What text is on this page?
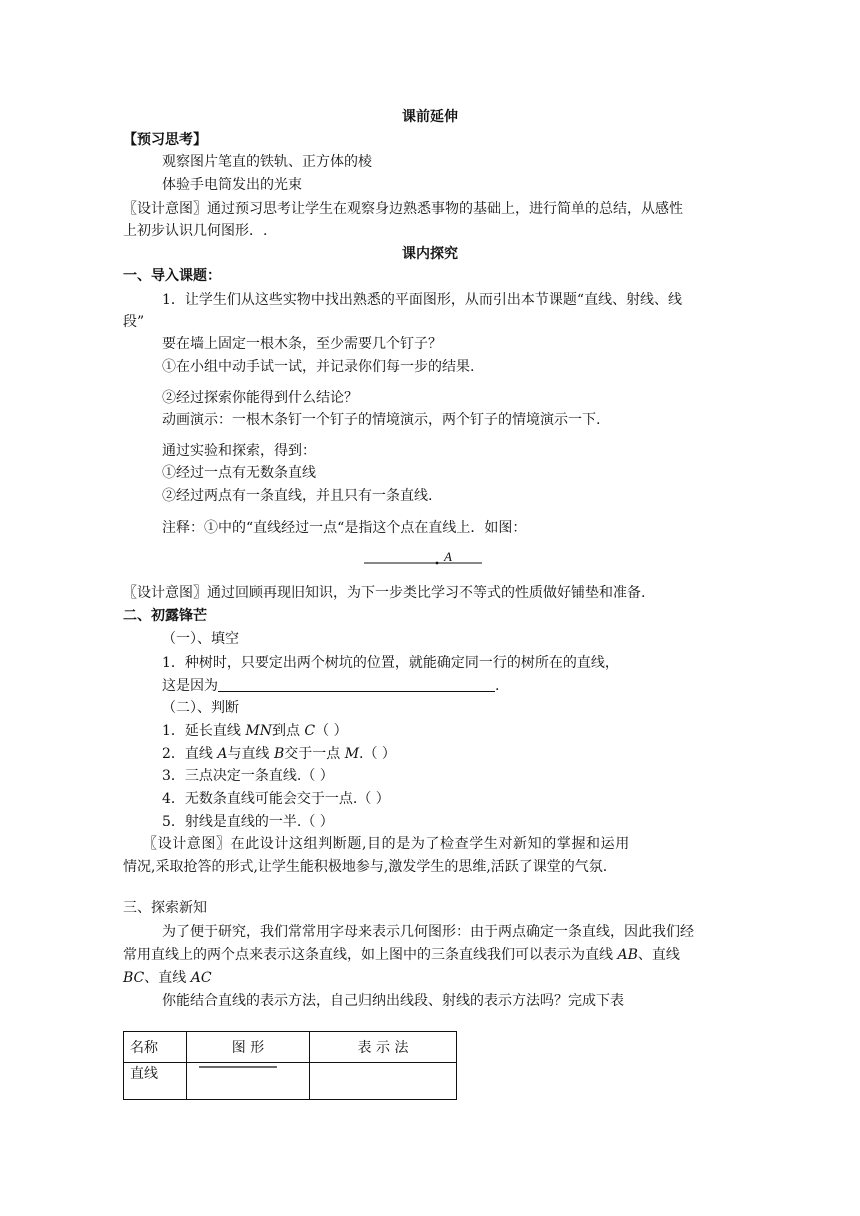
课前延伸
【预习思考】
观察图片笔直的铁轨、正方体的棱
体验手电筒发出的光束
〖设计意图〗通过预习思考让学生在观察身边熟悉事物的基础上，进行简单的总结，从感性
上初步认识几何图形．.
课内探究
一、导入课题：
1．让学生们从这些实物中找出熟悉的平面图形，从而引出本节课题“直线、射线、线
段”
要在墙上固定一根木条，至少需要几个钉子？
①在小组中动手试一试，并记录你们每一步的结果.
②经过探索你能得到什么结论？
动画演示：一根木条钉一个钉子的情境演示，两个钉子的情境演示一下.
通过实验和探索，得到：
①经过一点有无数条直线
②经过两点有一条直线，并且只有一条直线.
注释：①中的“直线经过一点“是指这个点在直线上．如图：
A
〖设计意图〗通过回顾再现旧知识，为下一步类比学习不等式的性质做好铺垫和准备.
二、初露锋芒
（一）、填空
1．种树时，只要定出两个树坑的位置，就能确定同一行的树所在的直线，
这是因为	.
（二）、判断
1．延长直线 MN到点 C（ ）
2．直线 A与直线 B交于一点 M.（ ）
3．三点决定一条直线.（ ）
4．无数条直线可能会交于一点.（ ）
5．射线是直线的一半.（ ）
〖设计意图〗在此设计这组判断题,目的是为了检查学生对新知的掌握和运用
情况,采取抢答的形式,让学生能积极地参与,激发学生的思维,活跃了课堂的气氛.
三、探索新知
为了便于研究，我们常常用字母来表示几何图形：由于两点确定一条直线，因此我们经
常用直线上的两个点来表示这条直线，如上图中的三条直线我们可以表示为直线 AB、直线
BC、直线 AC
你能结合直线的表示方法，自己归纳出线段、射线的表示方法吗？完成下表
名称	图 形	表 示 法
直线	
